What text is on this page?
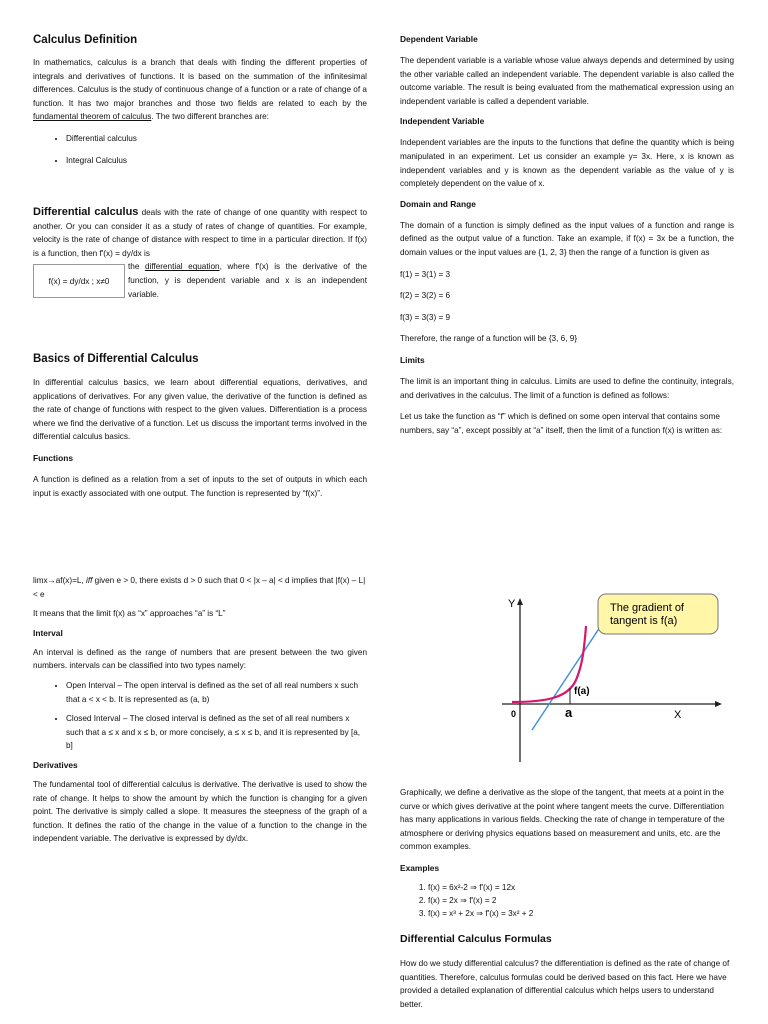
Calculus Definition

In mathematics, calculus is a branch that deals with finding the different properties of integrals and derivatives of functions. It is based on the summation of the infinitesimal differences. Calculus is the study of continuous change of a function or a rate of change of a function. It has two major branches and those two fields are related to each by the fundamental theorem of calculus. The two different branches are:

• Differential calculus
• Integral Calculus

Differential calculus deals with the rate of change of one quantity with respect to another. Or you can consider it as a study of rates of change of quantities. For example, velocity is the rate of change of distance with respect to time in a particular direction. If f(x) is a function, then f'(x) = dy/dx is

the differential equation, where f'(x) is the derivative of the function, y is dependent variable and x is an independent variable.

f(x) = dy/dx ; x≠0
Basics of Differential Calculus

In differential calculus basics, we learn about differential equations, derivatives, and applications of derivatives. For any given value, the derivative of the function is defined as the rate of change of functions with respect to the given values. Differentiation is a process where we find the derivative of a function. Let us discuss the important terms involved in the differential calculus basics.

Functions

A function is defined as a relation from a set of inputs to the set of outputs in which each input is exactly associated with one output. The function is represented by “f(x)”.

limx→af(x)=L, iff given e > 0, there exists d > 0 such that 0 < |x – a| < d implies that |f(x) – L| < e

It means that the limit f(x) as “x” approaches “a” is “L”

Interval

An interval is defined as the range of numbers that are present between the two given numbers. intervals can be classified into two types namely:

• Open Interval – The open interval is defined as the set of all real numbers x such that a < x < b. It is represented as (a, b)
• Closed Interval – The closed interval is defined as the set of all real numbers x such that a ≤ x and x ≤ b, or more concisely, a ≤ x ≤ b, and it is represented by [a, b]
Derivatives

The fundamental tool of differential calculus is derivative. The derivative is used to show the rate of change. It helps to show the amount by which the function is changing for a given point. The derivative is simply called a slope. It measures the steepness of the graph of a function. It defines the ratio of the change in the value of a function to the change in the independent variable. The derivative is expressed by dy/dx.

Dependent Variable

The dependent variable is a variable whose value always depends and determined by using the other variable called an independent variable. The dependent variable is also called the outcome variable. The result is being evaluated from the mathematical expression using an independent variable is called a dependent variable.

Independent Variable

Independent variables are the inputs to the functions that define the quantity which is being manipulated in an experiment. Let us consider an example y= 3x. Here, x is known as independent variables and y is known as the dependent variable as the value of y is completely dependent on the value of x.

Domain and Range

The domain of a function is simply defined as the input values of a function and range is defined as the output value of a function. Take an example, if f(x) = 3x be a function, the domain values or the input values are {1, 2, 3} then the range of a function is given as

f(1) = 3(1) = 3

f(2) = 3(2) = 6

f(3) = 3(3) = 9

Therefore, the range of a function will be {3, 6, 9}

Limits

The limit is an important thing in calculus. Limits are used to define the continuity, integrals, and derivatives in the calculus. The limit of a function is defined as follows:

Let us take the function as “f” which is defined on some open interval that contains some numbers, say “a”, except possibly at “a” itself, then the limit of a function f(x) is written as:

Y
X
0
f(a)
a
The gradient of
tangent is f(a)

Graphically, we define a derivative as the slope of the tangent, that meets at a point in the curve or which gives derivative at the point where tangent meets the curve. Differentiation has many applications in various fields. Checking the rate of change in temperature of the atmosphere or deriving physics equations based on measurement and units, etc. are the common examples.

Examples
1. f(x) = 6x²-2 ⇒ f'(x) = 12x
2. f(x) = 2x ⇒ f'(x) = 2
3. f(x) = x³ + 2x ⇒ f'(x) = 3x² + 2
Differential Calculus Formulas

How do we study differential calculus? the differentiation is defined as the rate of change of quantities. Therefore, calculus formulas could be derived based on this fact. Here we have provided a detailed explanation of differential calculus which helps users to understand better.
